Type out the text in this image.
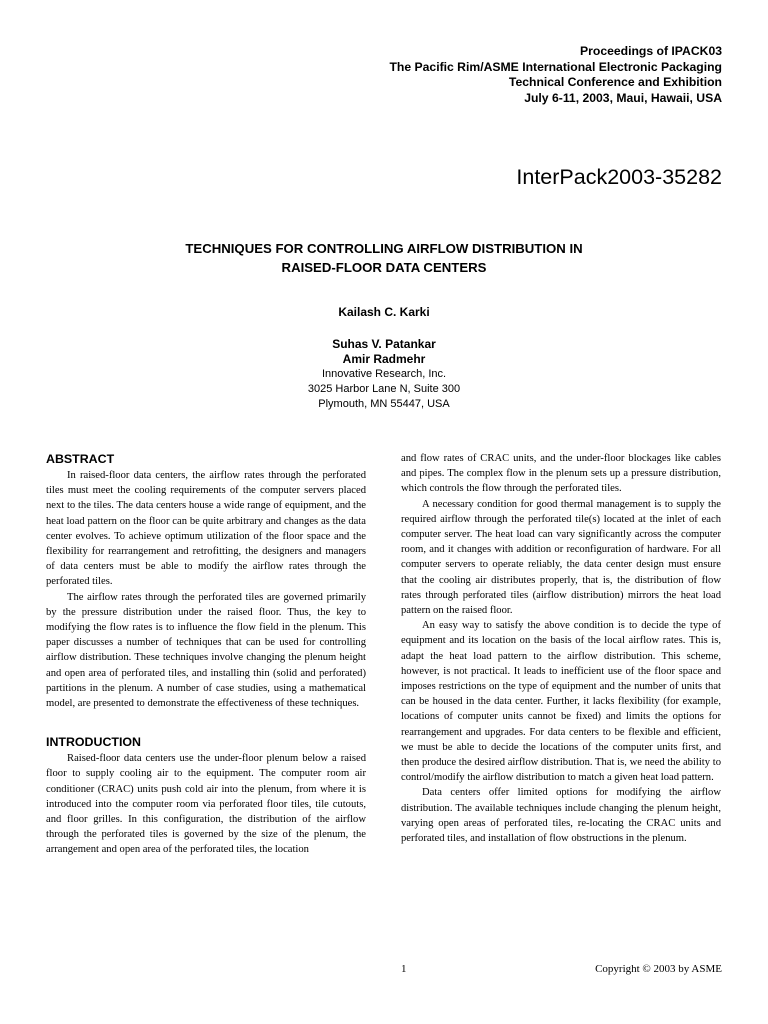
Proceedings of IPACK03
The Pacific Rim/ASME International Electronic Packaging
Technical Conference and Exhibition
July 6-11, 2003, Maui, Hawaii, USA
InterPack2003-35282
TECHNIQUES FOR CONTROLLING AIRFLOW DISTRIBUTION IN
RAISED-FLOOR DATA CENTERS
Kailash C. Karki
Suhas V. Patankar
Amir Radmehr
Innovative Research, Inc.
3025 Harbor Lane N, Suite 300
Plymouth, MN 55447, USA
ABSTRACT

In raised-floor data centers, the airflow rates through the perforated tiles must meet the cooling requirements of the computer servers placed next to the tiles. The data centers house a wide range of equipment, and the heat load pattern on the floor can be quite arbitrary and changes as the data center evolves. To achieve optimum utilization of the floor space and the flexibility for rearrangement and retrofitting, the designers and managers of data centers must be able to modify the airflow rates through the perforated tiles.

The airflow rates through the perforated tiles are governed primarily by the pressure distribution under the raised floor. Thus, the key to modifying the flow rates is to influence the flow field in the plenum. This paper discusses a number of techniques that can be used for controlling airflow distribution. These techniques involve changing the plenum height and open area of perforated tiles, and installing thin (solid and perforated) partitions in the plenum. A number of case studies, using a mathematical model, are presented to demonstrate the effectiveness of these techniques.

INTRODUCTION

Raised-floor data centers use the under-floor plenum below a raised floor to supply cooling air to the equipment. The computer room air conditioner (CRAC) units push cold air into the plenum, from where it is introduced into the computer room via perforated floor tiles, tile cutouts, and floor grilles. In this configuration, the distribution of the airflow through the perforated tiles is governed by the size of the plenum, the arrangement and open area of the perforated tiles, the location

and flow rates of CRAC units, and the under-floor blockages like cables and pipes. The complex flow in the plenum sets up a pressure distribution, which controls the flow through the perforated tiles.

A necessary condition for good thermal management is to supply the required airflow through the perforated tile(s) located at the inlet of each computer server. The heat load can vary significantly across the computer room, and it changes with addition or reconfiguration of hardware. For all computer servers to operate reliably, the data center design must ensure that the cooling air distributes properly, that is, the distribution of flow rates through perforated tiles (airflow distribution) mirrors the heat load pattern on the raised floor.

An easy way to satisfy the above condition is to decide the type of equipment and its location on the basis of the local airflow rates. This is, adapt the heat load pattern to the airflow distribution. This scheme, however, is not practical. It leads to inefficient use of the floor space and imposes restrictions on the type of equipment and the number of units that can be housed in the data center. Further, it lacks flexibility (for example, locations of computer units cannot be fixed) and limits the options for rearrangement and upgrades. For data centers to be flexible and efficient, we must be able to decide the locations of the computer units first, and then produce the desired airflow distribution. That is, we need the ability to control/modify the airflow distribution to match a given heat load pattern.

Data centers offer limited options for modifying the airflow distribution. The available techniques include changing the plenum height, varying open areas of perforated tiles, re-locating the CRAC units and perforated tiles, and installation of flow obstructions in the plenum.

1	Copyright © 2003 by ASME
